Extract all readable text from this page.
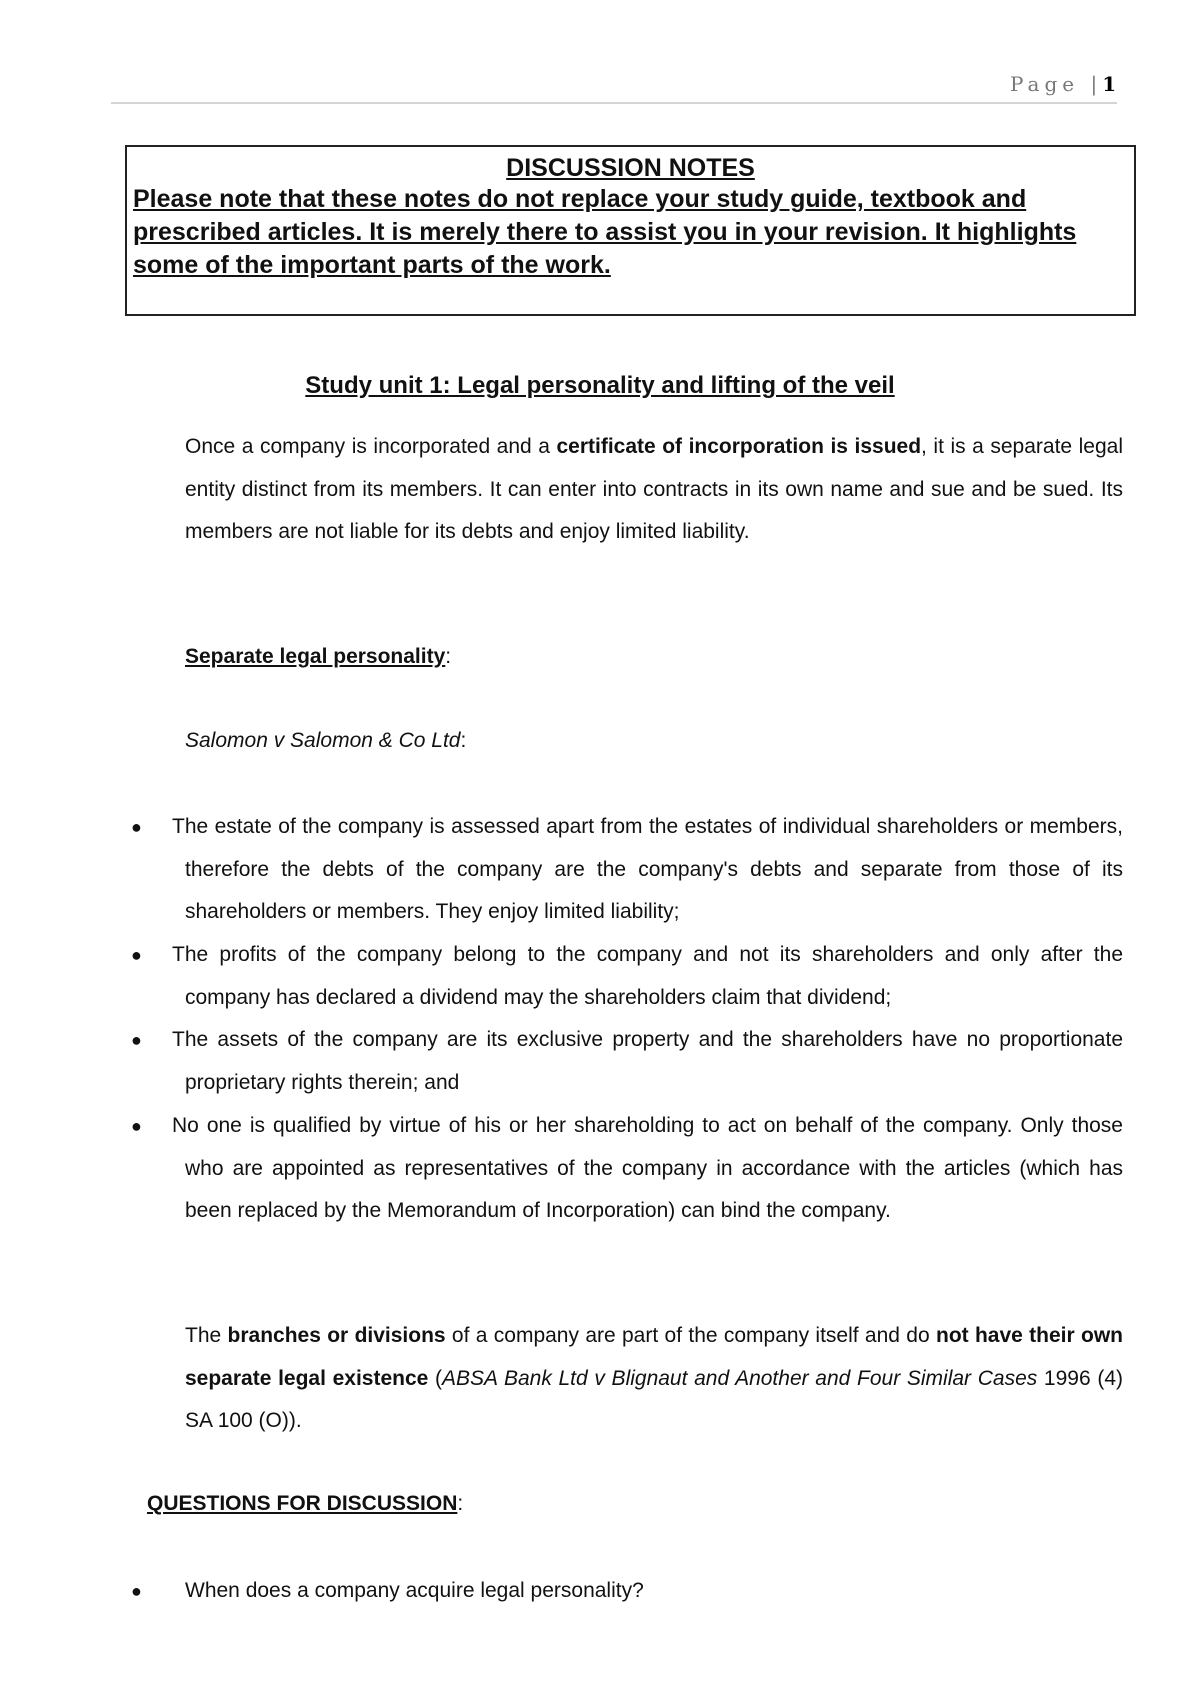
Page |1
DISCUSSION NOTES
Please note that these notes do not replace your study guide, textbook and prescribed articles. It is merely there to assist you in your revision. It highlights some of the important parts of the work.
Study unit 1: Legal personality and lifting of the veil
Once a company is incorporated and a certificate of incorporation is issued, it is a separate legal entity distinct from its members. It can enter into contracts in its own name and sue and be sued. Its members are not liable for its debts and enjoy limited liability.
Separate legal personality:
Salomon v Salomon & Co Ltd:
● The estate of the company is assessed apart from the estates of individual shareholders or members, therefore the debts of the company are the company's debts and separate from those of its shareholders or members. They enjoy limited liability;
● The profits of the company belong to the company and not its shareholders and only after the company has declared a dividend may the shareholders claim that dividend;
● The assets of the company are its exclusive property and the shareholders have no proportionate proprietary rights therein; and
● No one is qualified by virtue of his or her shareholding to act on behalf of the company. Only those who are appointed as representatives of the company in accordance with the articles (which has been replaced by the Memorandum of Incorporation) can bind the company.
The branches or divisions of a company are part of the company itself and do not have their own separate legal existence (ABSA Bank Ltd v Blignaut and Another and Four Similar Cases 1996 (4) SA 100 (O)).
QUESTIONS FOR DISCUSSION:
● When does a company acquire legal personality?
